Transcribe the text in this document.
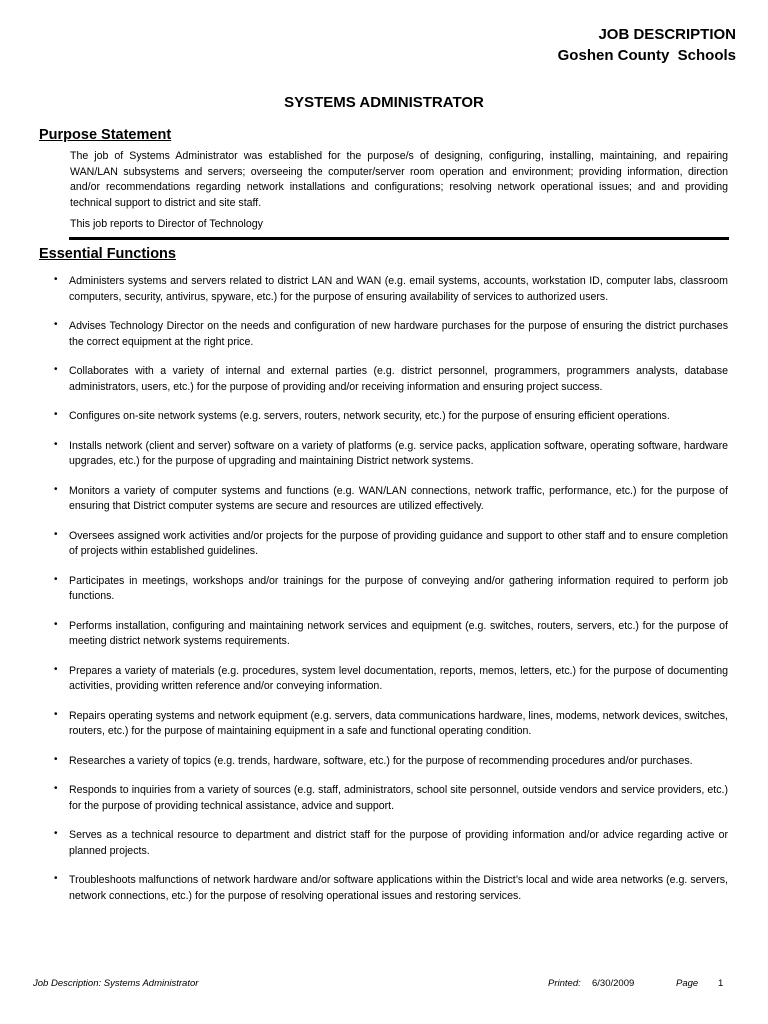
JOB DESCRIPTION
Goshen County  Schools
SYSTEMS ADMINISTRATOR
Purpose Statement
The job of Systems Administrator was established for the purpose/s of designing, configuring, installing, maintaining, and repairing WAN/LAN subsystems and servers; overseeing the computer/server room operation and environment; providing information, direction and/or recommendations regarding network installations and configurations; resolving network operational issues; and and providing technical support to district and site staff.
This job reports to Director of Technology
Essential Functions
• Administers systems and servers related to district LAN and WAN (e.g. email systems, accounts, workstation ID, computer labs, classroom computers, security, antivirus, spyware, etc.) for the purpose of ensuring availability of services to authorized users.
• Advises Technology Director on the needs and configuration of new hardware purchases for the purpose of ensuring the district purchases the correct equipment at the right price.
• Collaborates with a variety of internal and external parties (e.g. district personnel, programmers, programmers analysts, database administrators, users, etc.) for the purpose of providing and/or receiving information and ensuring project success.
• Configures on-site network systems (e.g. servers, routers, network security, etc.) for the purpose of ensuring efficient operations.
• Installs network (client and server) software on a variety of platforms (e.g. service packs, application software, operating software, hardware upgrades, etc.) for the purpose of upgrading and maintaining District network systems.
• Monitors a variety of computer systems and functions (e.g. WAN/LAN connections, network traffic, performance, etc.) for the purpose of ensuring that District computer systems are secure and resources are utilized effectively.
• Oversees assigned work activities and/or projects for the purpose of providing guidance and support to other staff and to ensure completion of projects within established guidelines.
• Participates in meetings, workshops and/or trainings for the purpose of conveying and/or gathering information required to perform job functions.
• Performs installation, configuring and maintaining network services and equipment (e.g. switches, routers, servers, etc.) for the purpose of meeting district network systems requirements.
• Prepares a variety of materials (e.g. procedures, system level documentation, reports, memos, letters, etc.) for the purpose of documenting activities, providing written reference and/or conveying information.
• Repairs operating systems and network equipment (e.g. servers, data communications hardware, lines, modems, network devices, switches, routers, etc.) for the purpose of maintaining equipment in a safe and functional operating condition.
• Researches a variety of topics (e.g. trends, hardware, software, etc.) for the purpose of recommending procedures and/or purchases.
• Responds to inquiries from a variety of sources (e.g. staff, administrators, school site personnel, outside vendors and service providers, etc.) for the purpose of providing technical assistance, advice and support.
• Serves as a technical resource to department and district staff for the purpose of providing information and/or advice regarding active or planned projects.
• Troubleshoots malfunctions of network hardware and/or software applications within the District’s local and wide area networks (e.g. servers, network connections, etc.) for the purpose of resolving operational issues and restoring services.
Job Description: Systems Administrator	Printed: 6/30/2009	Page 1
